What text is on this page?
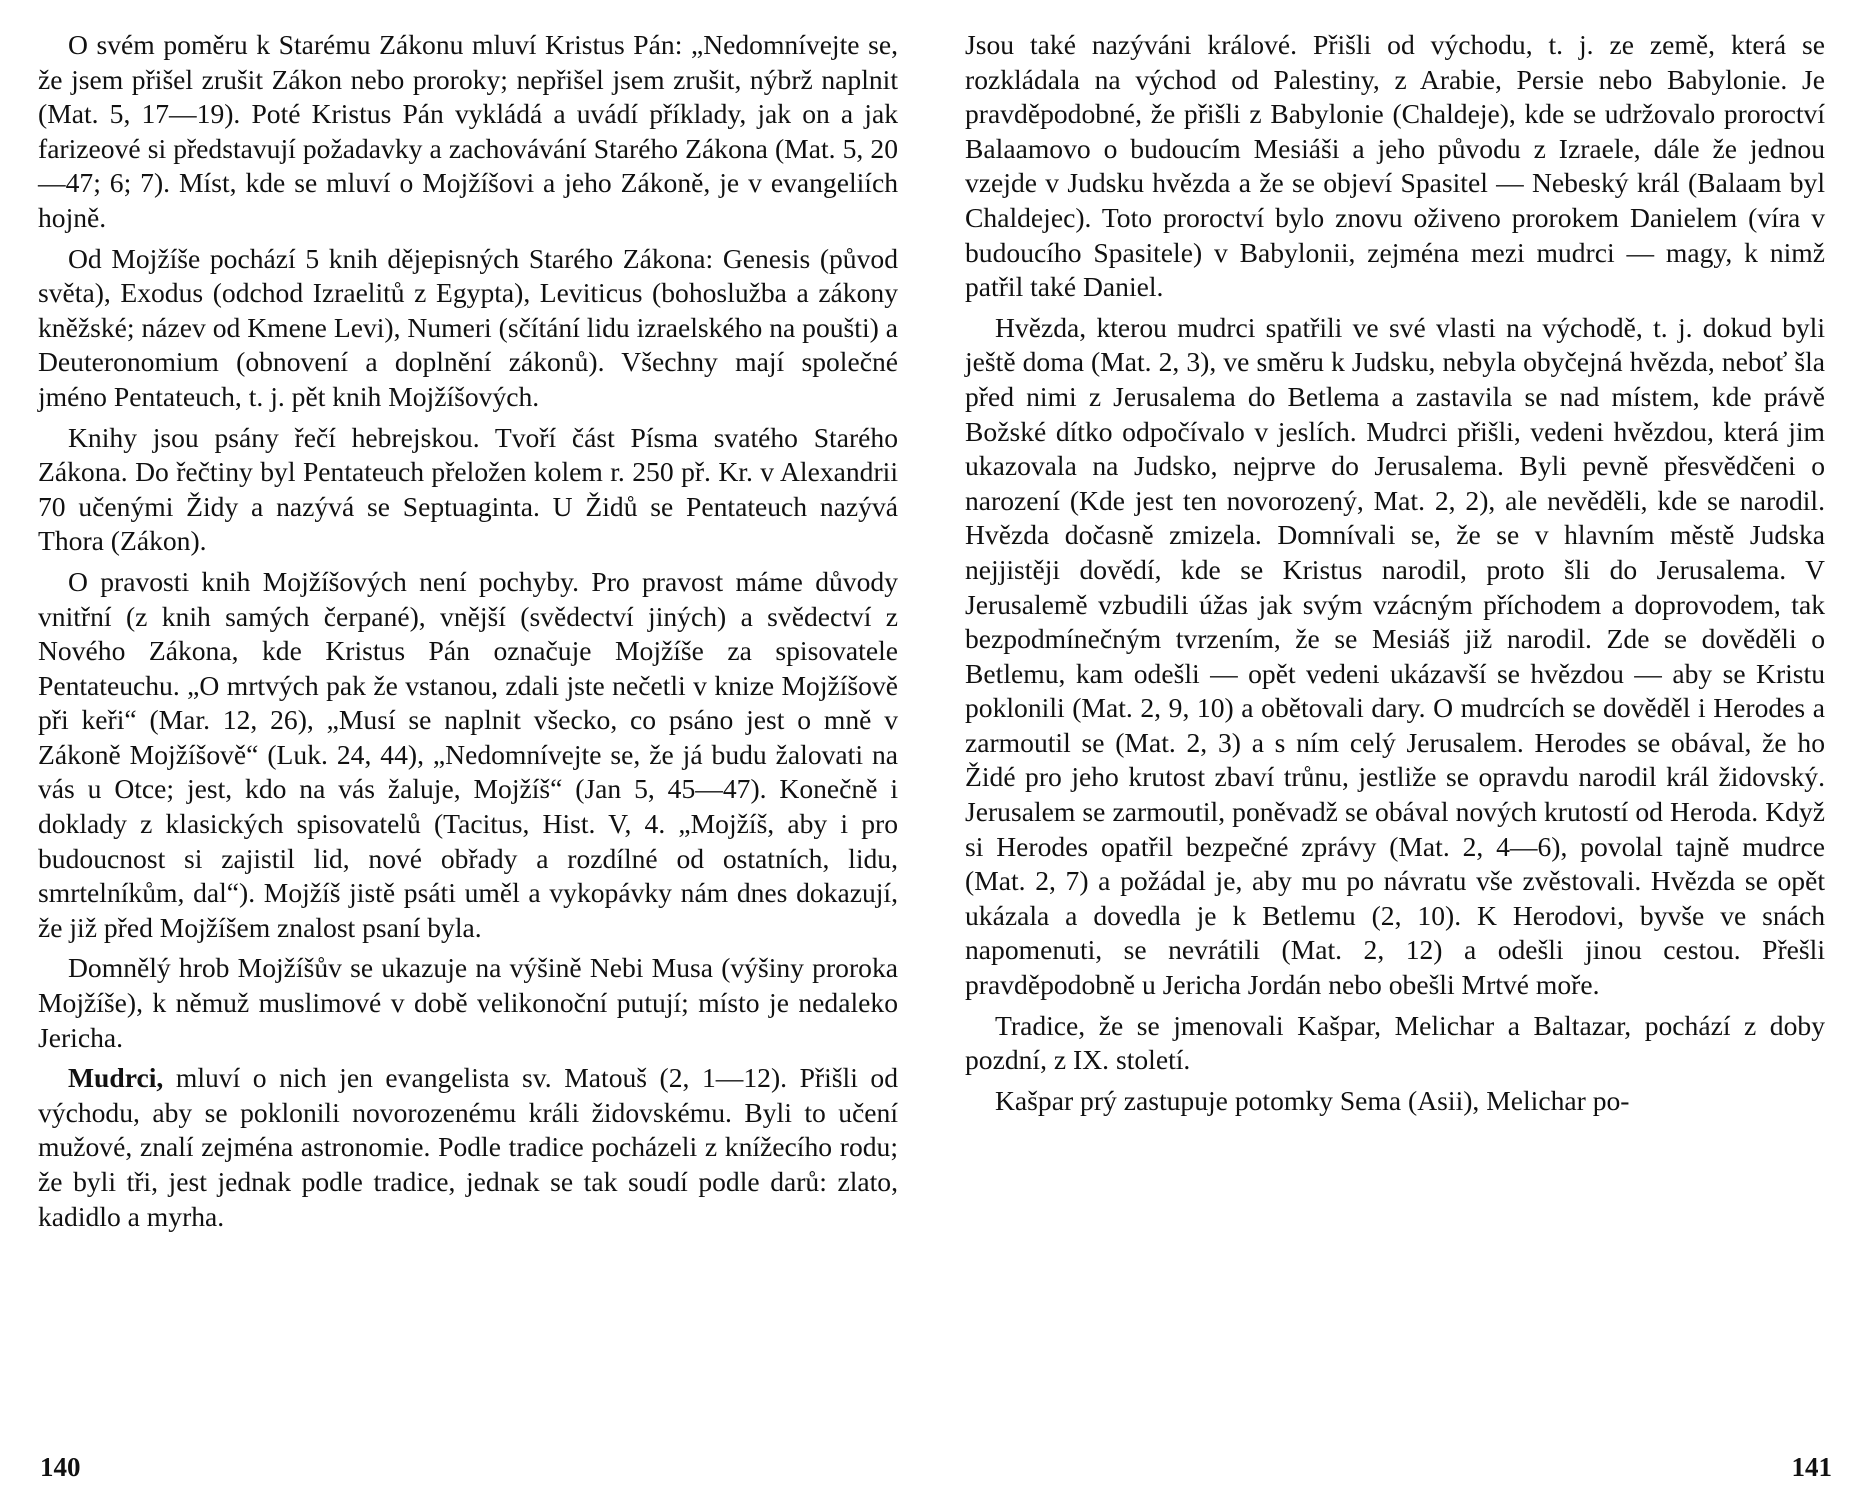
O svém poměru k Starému Zákonu mluví Kristus Pán: „Nedomnívejte se, že jsem přišel zrušit Zákon nebo proroky; nepřišel jsem zrušit, nýbrž naplnit (Mat. 5, 17—19). Poté Kristus Pán vykládá a uvádí příklady, jak on a jak farizeové si představují požadavky a zachovávání Starého Zákona (Mat. 5, 20—47; 6; 7). Míst, kde se mluví o Mojžíšovi a jeho Zákoně, je v evangeliích hojně.

Od Mojžíše pochází 5 knih dějepisných Starého Zákona: Genesis (původ světa), Exodus (odchod Izraelitů z Egypta), Leviticus (bohoslužba a zákony kněžské; název od Kmene Levi), Numeri (sčítání lidu izraelského na poušti) a Deuteronomium (obnovení a doplnění zákonů). Všechny mají společné jméno Pentateuch, t. j. pět knih Mojžíšových.

Knihy jsou psány řečí hebrejskou. Tvoří část Písma svatého Starého Zákona. Do řečtiny byl Pentateuch přeložen kolem r. 250 př. Kr. v Alexandrii 70 učenými Židy a nazývá se Septuaginta. U Židů se Pentateuch nazývá Thora (Zákon).

O pravosti knih Mojžíšových není pochyby. Pro pravost máme důvody vnitřní (z knih samých čerpané), vnější (svědectví jiných) a svědectví z Nového Zákona, kde Kristus Pán označuje Mojžíše za spisovatele Pentateuchu. „O mrtvých pak že vstanou, zdali jste nečetli v knize Mojžíšově při keři“ (Mar. 12, 26), „Musí se naplnit všecko, co psáno jest o mně v Zákoně Mojžíšově“ (Luk. 24, 44), „Nedomnívejte se, že já budu žalovati na vás u Otce; jest, kdo na vás žaluje, Mojžíš“ (Jan 5, 45—47). Konečně i doklady z klasických spisovatelů (Tacitus, Hist. V, 4. „Mojžíš, aby i pro budoucnost si zajistil lid, nové obřady a rozdílné od ostatních, lidu, smrtelníkům, dal“). Mojžíš jistě psáti uměl a vykopávky nám dnes dokazují, že již před Mojžíšem znalost psaní byla.

Domnělý hrob Mojžíšův se ukazuje na výšině Nebi Musa (výšiny proroka Mojžíše), k němuž muslimové v době velikonoční putují; místo je nedaleko Jericha.

Mudrci, mluví o nich jen evangelista sv. Matouš (2, 1—12). Přišli od východu, aby se poklonili novorozenému králi židovskému. Byli to učení mužové, znalí zejména astronomie. Podle tradice pocházeli z knížecího rodu; že byli tři, jest jednak podle tradice, jednak se tak soudí podle darů: zlato, kadidlo a myrha.

140

Jsou také nazýváni králové. Přišli od východu, t. j. ze země, která se rozkládala na východ od Palestiny, z Arabie, Persie nebo Babylonie. Je pravděpodobné, že přišli z Babylonie (Chaldeje), kde se udržovalo proroctví Balaamovo o budoucím Mesiáši a jeho původu z Izraele, dále že jednou vzejde v Judsku hvězda a že se objeví Spasitel — Nebeský král (Balaam byl Chaldejec). Toto proroctví bylo znovu oživeno prorokem Danielem (víra v budoucího Spasitele) v Babylonii, zejména mezi mudrci — magy, k nimž patřil také Daniel.

Hvězda, kterou mudrci spatřili ve své vlasti na východě, t. j. dokud byli ještě doma (Mat. 2, 3), ve směru k Judsku, nebyla obyčejná hvězda, neboť šla před nimi z Jerusalema do Betlema a zastavila se nad místem, kde právě Božské dítko odpočívalo v jeslích. Mudrci přišli, vedeni hvězdou, která jim ukazovala na Judsko, nejprve do Jerusalema. Byli pevně přesvědčeni o narození (Kde jest ten novorozený, Mat. 2, 2), ale nevěděli, kde se narodil. Hvězda dočasně zmizela. Domnívali se, že se v hlavním městě Judska nejjistěji dovědí, kde se Kristus narodil, proto šli do Jerusalema. V Jerusalemě vzbudili úžas jak svým vzácným příchodem a doprovodem, tak bezpodmínečným tvrzením, že se Mesiáš již narodil. Zde se dověděli o Betlemu, kam odešli — opět vedeni ukázavší se hvězdou — aby se Kristu poklonili (Mat. 2, 9, 10) a obětovali dary. O mudrcích se dověděl i Herodes a zarmoutil se (Mat. 2, 3) a s ním celý Jerusalem. Herodes se obával, že ho Židé pro jeho krutost zbaví trůnu, jestliže se opravdu narodil král židovský. Jerusalem se zarmoutil, poněvadž se obával nových krutostí od Heroda. Když si Herodes opatřil bezpečné zprávy (Mat. 2, 4—6), povolal tajně mudrce (Mat. 2, 7) a požádal je, aby mu po návratu vše zvěstovali. Hvězda se opět ukázala a dovedla je k Betlemu (2, 10). K Herodovi, byvše ve snách napomenuti, se nevrátili (Mat. 2, 12) a odešli jinou cestou. Přešli pravděpodobně u Jericha Jordán nebo obešli Mrtvé moře.

Tradice, že se jmenovali Kašpar, Melichar a Baltazar, pochází z doby pozdní, z IX. století.

Kašpar prý zastupuje potomky Sema (Asii), Melichar po-

141
